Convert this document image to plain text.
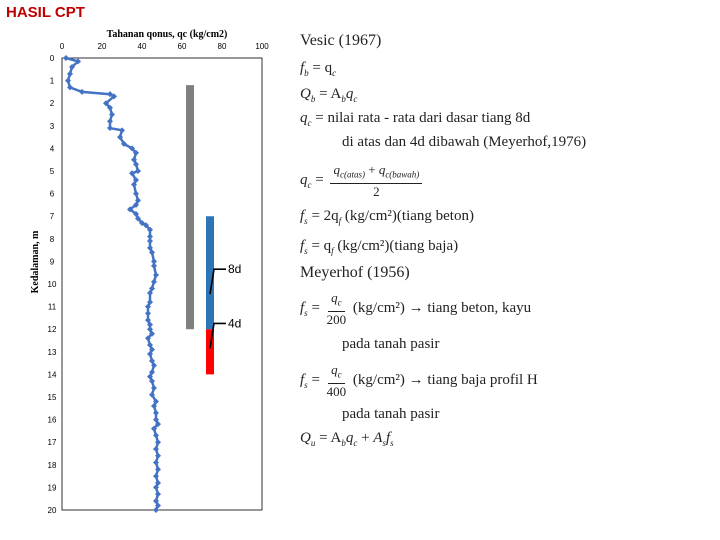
HASIL CPT
Tahanan qonus, qc (kg/cm2)
Kedalaman, m
0	20	40	60	80	100
0
1
2
3
4
5
6
7
8
9
10
11
12
13
14
15
16
17
18
19
20
8d
4d
Vesic (1967)
$f_b = q_c$
$Q_b = A_bq_c$
$q_c$ = nilai rata - rata dari dasar tiang 8d
di atas dan 4d dibawah (Meyerhof,1976)
$q_c = \frac{q_{c(atas)} + q_{c(bawah)}}{2}$
$f_s = 2q_f$ (kg/cm²)(tiang beton)
$f_s = q_f$ (kg/cm²)(tiang baja)
Meyerhof (1956)
$f_s = \frac{q_c}{200} (kg/cm^2)$ → tiang beton, kayu
pada tanah pasir
$f_s = \frac{q_c}{400} (kg/cm^2)$ → tiang baja profil H
pada tanah pasir
$Q_u = A_bq_c + A_sf_s$
